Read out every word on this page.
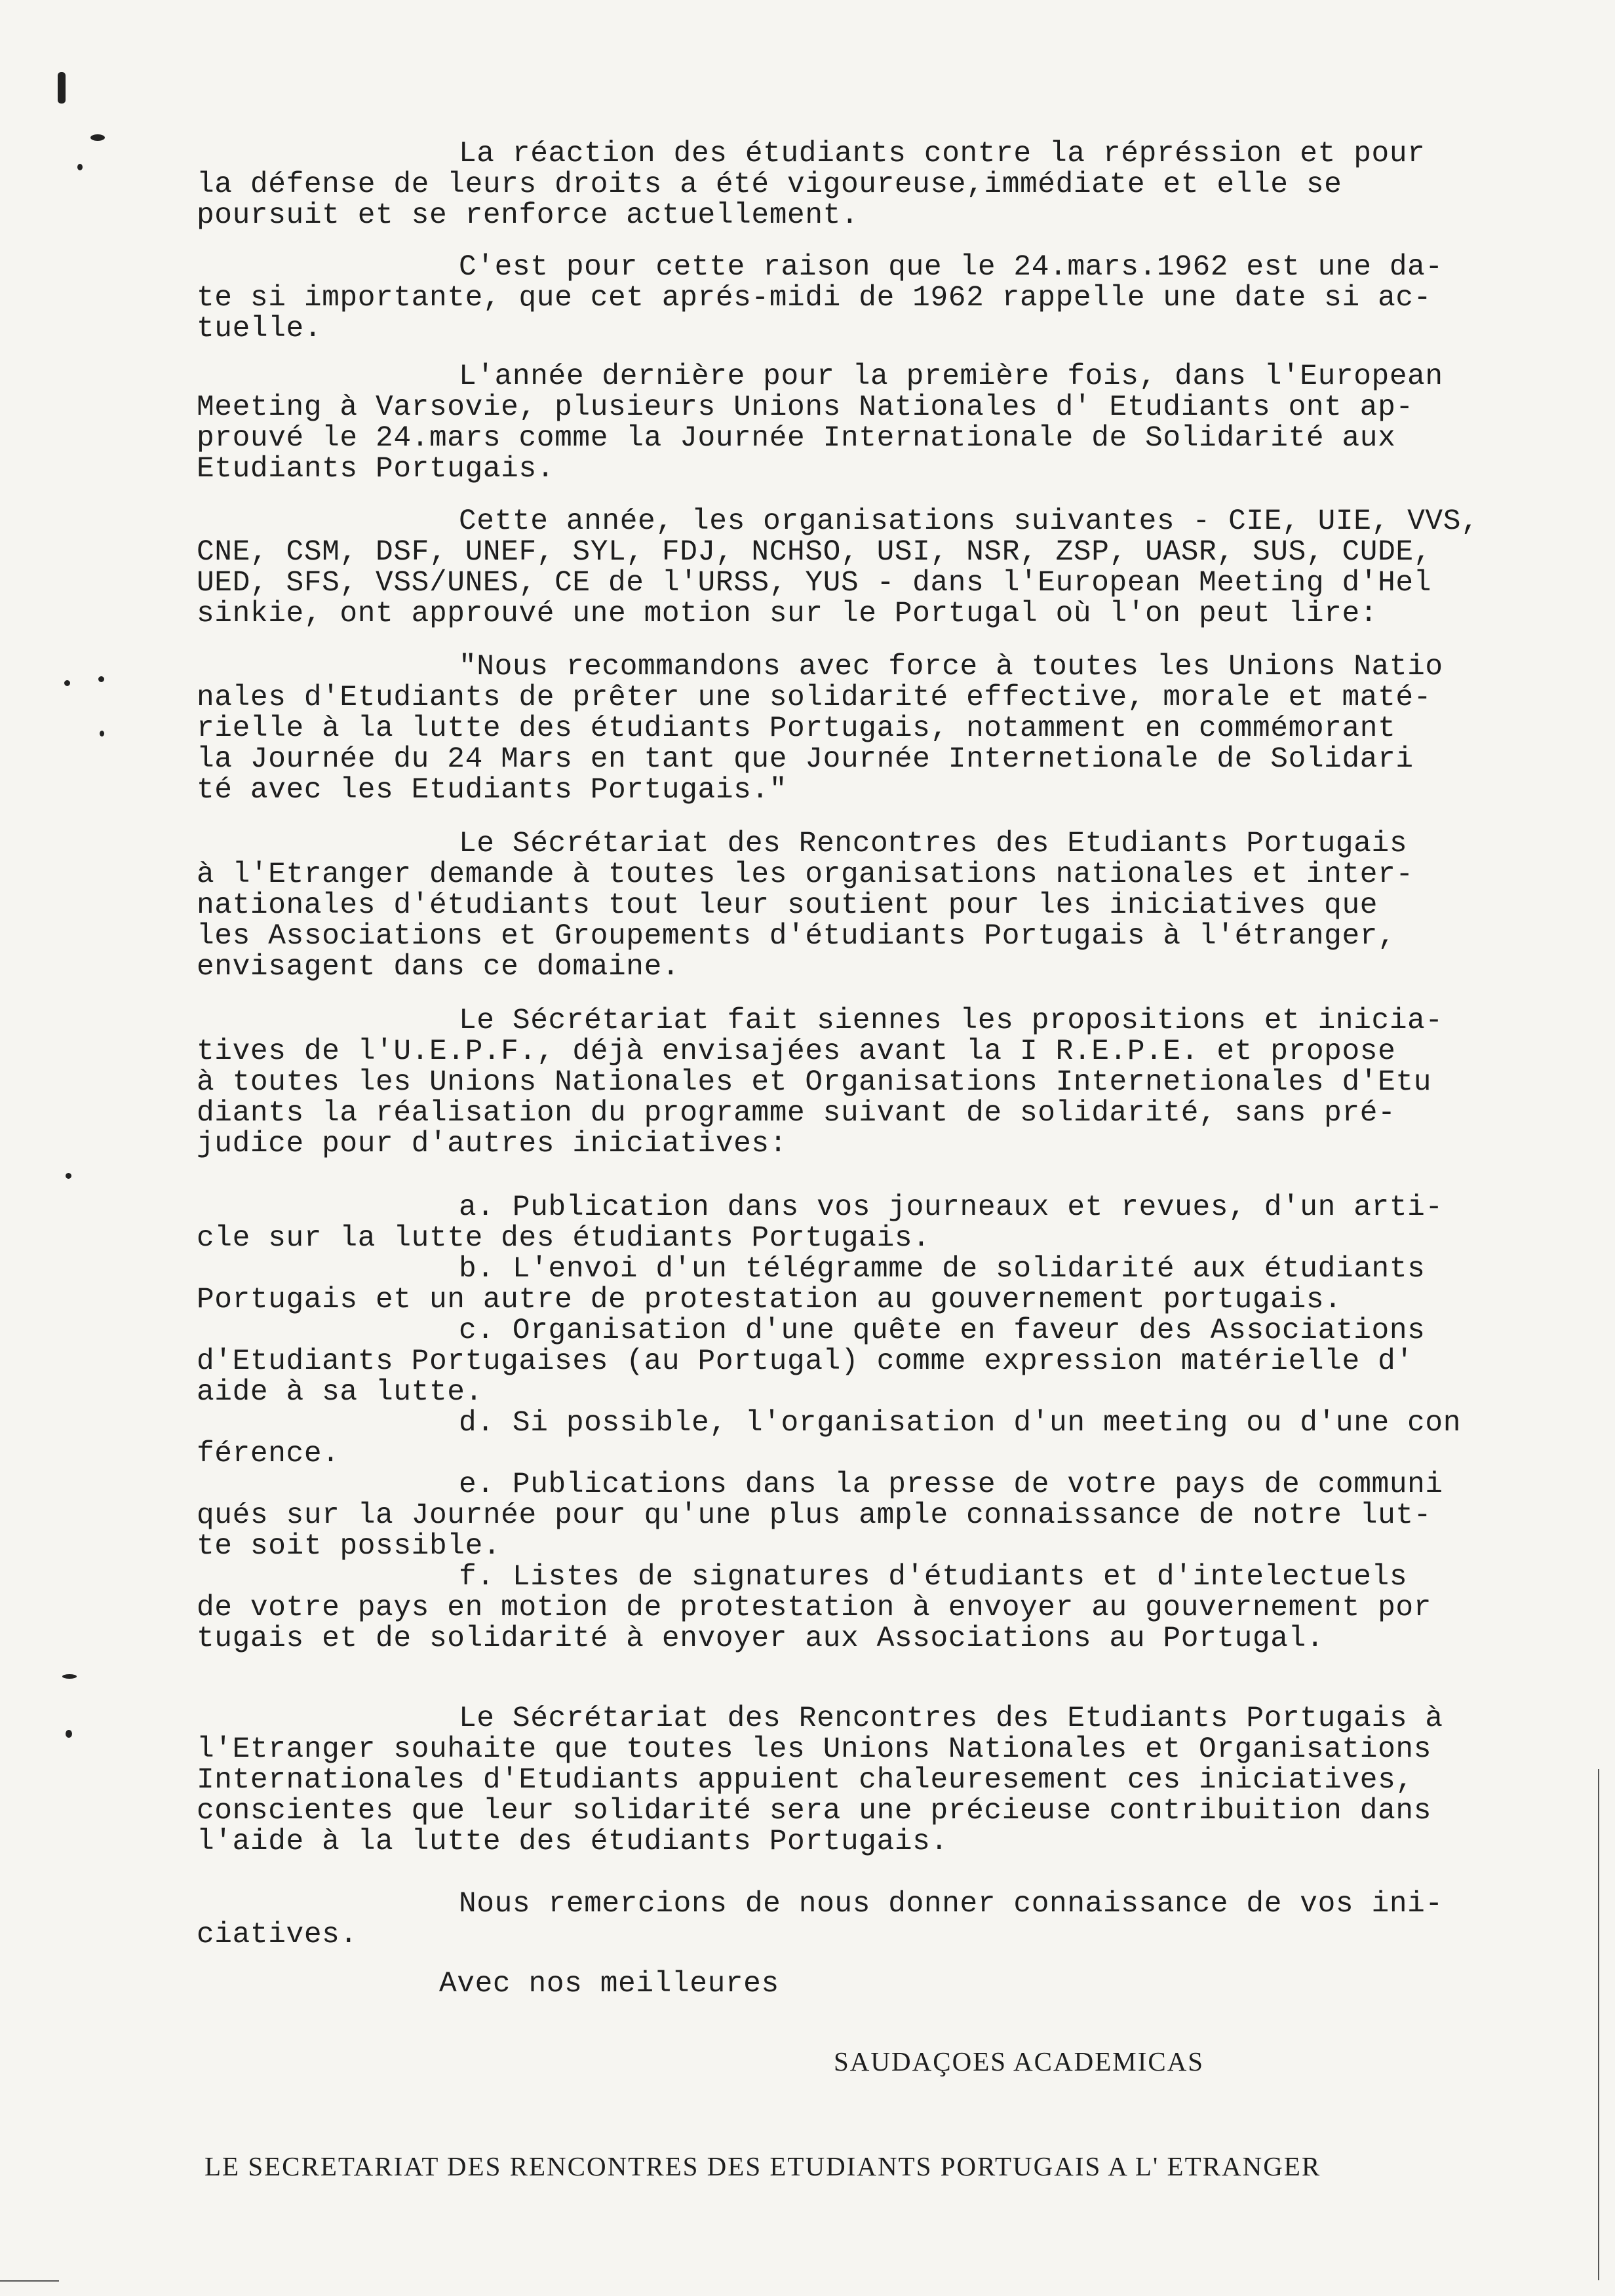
La réaction des étudiants contre la répréssion et pour
la défense de leurs droits a été vigoureuse,immédiate et elle se
poursuit et se renforce actuellement.
C'est pour cette raison que le 24.mars.1962 est une da-
te si importante, que cet aprés-midi de 1962 rappelle une date si ac-
tuelle.
L'année dernière pour la première fois, dans l'European
Meeting à Varsovie, plusieurs Unions Nationales d' Etudiants ont ap-
prouvé le 24.mars comme la Journée Internationale de Solidarité aux
Etudiants Portugais.
Cette année, les organisations suivantes - CIE, UIE, VVS,
CNE, CSM, DSF, UNEF, SYL, FDJ, NCHSO, USI, NSR, ZSP, UASR, SUS, CUDE,
UED, SFS, VSS/UNES, CE de l'URSS, YUS - dans l'European Meeting d'Hel
sinkie, ont approuvé une motion sur le Portugal où l'on peut lire:
"Nous recommandons avec force à toutes les Unions Natio
nales d'Etudiants de prêter une solidarité effective, morale et maté-
rielle à la lutte des étudiants Portugais, notamment en commémorant
la Journée du 24 Mars en tant que Journée Internetionale de Solidari
té avec les Etudiants Portugais."
Le Sécrétariat des Rencontres des Etudiants Portugais
à l'Etranger demande à toutes les organisations nationales et inter-
nationales d'étudiants tout leur soutient pour les iniciatives que
les Associations et Groupements d'étudiants Portugais à l'étranger,
envisagent dans ce domaine.
Le Sécrétariat fait siennes les propositions et inicia-
tives de l'U.E.P.F., déjà envisajées avant la I R.E.P.E. et propose
à toutes les Unions Nationales et Organisations Internetionales d'Etu
diants la réalisation du programme suivant de solidarité, sans pré-
judice pour d'autres iniciatives:
a. Publication dans vos journeaux et revues, d'un arti-
cle sur la lutte des étudiants Portugais.
b. L'envoi d'un télégramme de solidarité aux étudiants
Portugais et un autre de protestation au gouvernement portugais.
c. Organisation d'une quête en faveur des Associations
d'Etudiants Portugaises (au Portugal) comme expression matérielle d'
aide à sa lutte.
d. Si possible, l'organisation d'un meeting ou d'une con
férence.
e. Publications dans la presse de votre pays de communi
qués sur la Journée pour qu'une plus ample connaissance de notre lut-
te soit possible.
f. Listes de signatures d'étudiants et d'intelectuels
de votre pays en motion de protestation à envoyer au gouvernement por
tugais et de solidarité à envoyer aux Associations au Portugal.
Le Sécrétariat des Rencontres des Etudiants Portugais à
l'Etranger souhaite que toutes les Unions Nationales et Organisations
Internationales d'Etudiants appuient chaleuresement ces iniciatives,
conscientes que leur solidarité sera une précieuse contribuition dans
l'aide à la lutte des étudiants Portugais.
Nous remercions de nous donner connaissance de vos ini-
ciatives.
Avec nos meilleures
SAUDAÇOES ACADEMICAS
LE SECRETARIAT DES RENCONTRES DES ETUDIANTS PORTUGAIS A L' ETRANGER
